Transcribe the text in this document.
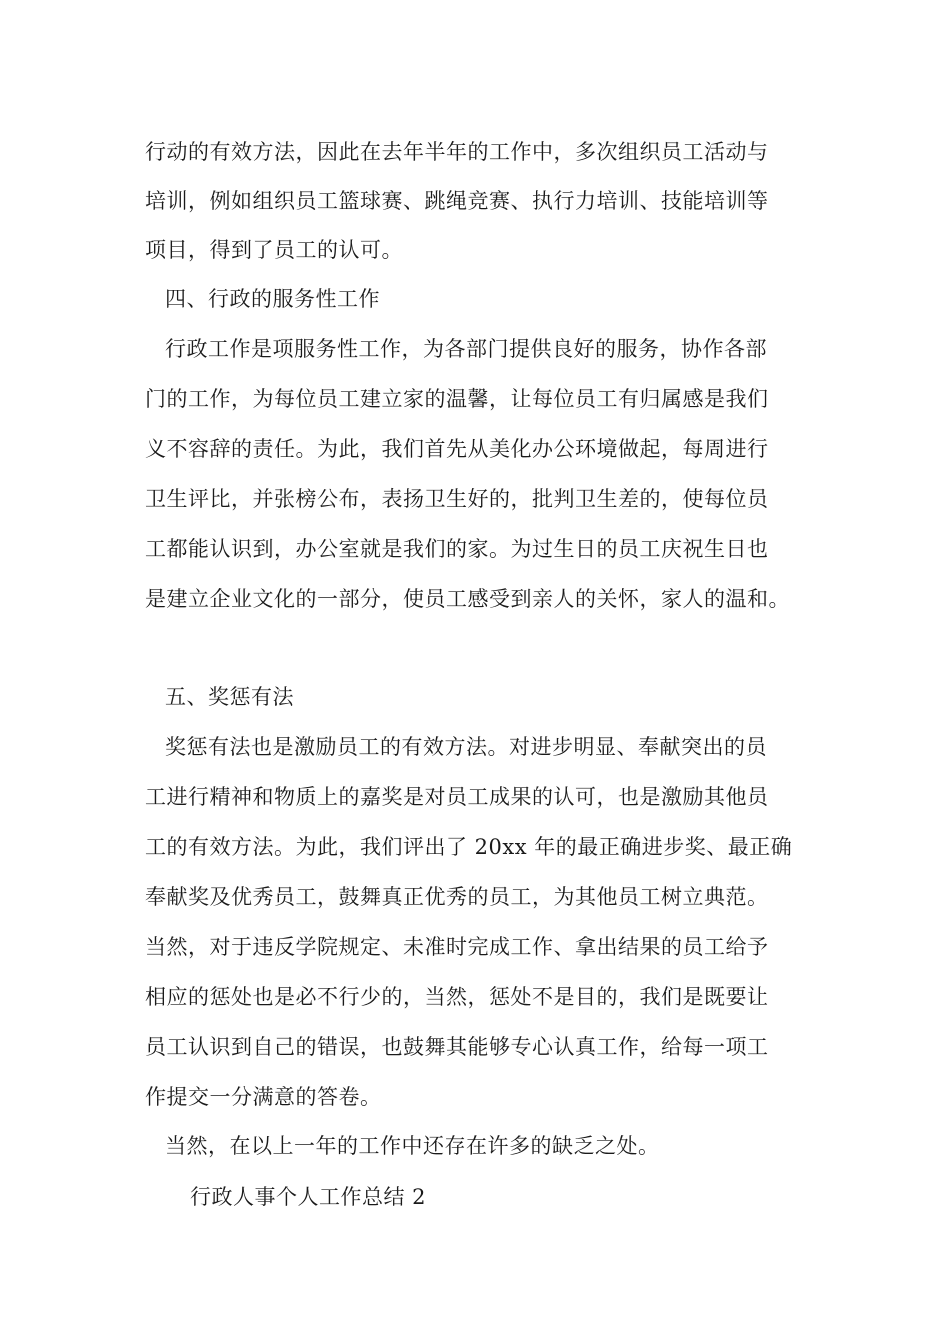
行动的有效方法，因此在去年半年的工作中，多次组织员工活动与
培训，例如组织员工篮球赛、跳绳竞赛、执行力培训、技能培训等
项目，得到了员工的认可。
四、行政的服务性工作
行政工作是项服务性工作，为各部门提供良好的服务，协作各部
门的工作，为每位员工建立家的温馨，让每位员工有归属感是我们
义不容辞的责任。为此，我们首先从美化办公环境做起，每周进行
卫生评比，并张榜公布，表扬卫生好的，批判卫生差的，使每位员
工都能认识到，办公室就是我们的家。为过生日的员工庆祝生日也
是建立企业文化的一部分，使员工感受到亲人的关怀，家人的温和。
五、奖惩有法
奖惩有法也是激励员工的有效方法。对进步明显、奉献突出的员
工进行精神和物质上的嘉奖是对员工成果的认可，也是激励其他员
工的有效方法。为此，我们评出了 20xx 年的最正确进步奖、最正确
奉献奖及优秀员工，鼓舞真正优秀的员工，为其他员工树立典范。
当然，对于违反学院规定、未准时完成工作、拿出结果的员工给予
相应的惩处也是必不行少的，当然，惩处不是目的，我们是既要让
员工认识到自己的错误，也鼓舞其能够专心认真工作，给每一项工
作提交一分满意的答卷。
当然，在以上一年的工作中还存在许多的缺乏之处。
行政人事个人工作总结 2
